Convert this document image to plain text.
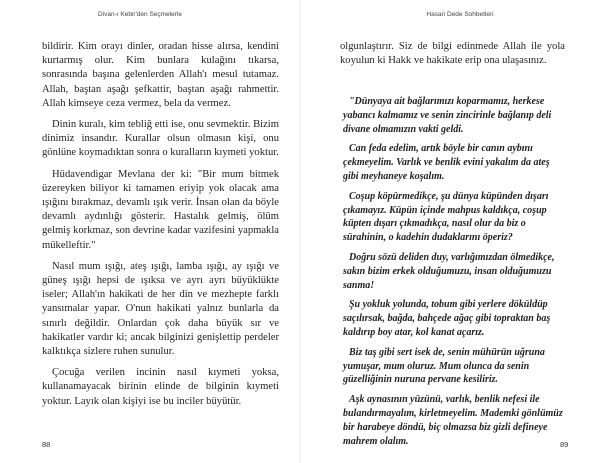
Divan-ı Kebir'den Seçmelerle	Hasan Dede Sohbetleri

bildirir. Kim orayı dinler, oradan hisse alırsa, kendini kurtarmış olur. Kim bunlara kulağını tıkarsa, sonrasında başına gelenlerden Allah'ı mesul tutamaz. Allah, baştan aşağı şefkattir, baştan aşağı rahmettir. Allah kimseye ceza vermez, bela da vermez.

Dinin kuralı, kim tebliğ etti ise, onu sevmektir. Bizim dinimiz insandır. Kurallar olsun olmasın kişi, onu gönlüne koymadıktan sonra o kuralların kıymeti yoktur.

Hüdavendigar Mevlana der ki: "Bir mum bitmek üzereyken biliyor ki tamamen eriyip yok olacak ama ışığını bırakmaz, devamlı ışık verir. İnsan olan da böyle devamlı aydınlığı gösterir. Hastalık gelmiş, ölüm gelmiş korkmaz, son devrine kadar vazifesini yapmakla mükelleftir."

Nasıl mum ışığı, ateş ışığı, lamba ışığı, ay ışığı ve güneş ışığı hepsi de ışıksa ve ayrı ayrı büyüklükte iseler; Allah'ın hakikati de her din ve mezhepte farklı yansımalar yapar. O'nun hakikati yalnız bunlarla da sınırlı değildir. Onlardan çok daha büyük sır ve hakikatler vardır ki; ancak bilginizi genişlettip perdeler kalktıkça sizlere ruhen sunulur.

Çocuğa verilen incinin nasıl kıymeti yoksa, kullanamayacak birinin elinde de bilginin kıymeti yoktur. Layık olan kişiyi ise bu inciler büyütür.

olgunlaştırır. Siz de bilgi edinmede Allah ile yola koyulun ki Hakk ve hakikate erip ona ulaşasınız.

"Dünyaya ait bağlarımızı koparmamız, herkese yabancı kalmamız ve senin zincirinle bağlanıp deli divane olmamızın vakti geldi.

Can feda edelim, artık böyle bir canın aybını çekmeyelim. Varlık ve benlik evini yakalım da ateş gibi meyhaneye koşalım.

Coşup köpürmedikçe, şu dünya küpünden dışarı çıkamayız. Küpün içinde mahpus kaldıkça, coşup küpten dışarı çıkmadıkça, nasıl olur da biz o sürahinin, o kadehin dudaklarını öperiz?

Doğru sözü deliden duy, varlığımızdan ölmedikçe, sakın bizim erkek olduğumuzu, insan olduğumuzu sanma!

Şu yokluk yolunda, tobum gibi yerlere döküldüp saçılırsak, bağda, bahçede ağaç gibi topraktan baş kaldırıp boy atar, kol kanat açarız.

Biz taş gibi sert isek de, senin mühürün uğruna yumuşar, mum oluruz. Mum olunca da senin güzelliğinin nuruna pervane kesiliriz.

Aşk aynasının yüzünü, varlık, benlik nefesi ile bulandırmayalım, kirletmeyelim. Mademki gönlümüz bir harabeye döndü, biç olmazsa biz gizli defineye mahrem olalım.

88	89
